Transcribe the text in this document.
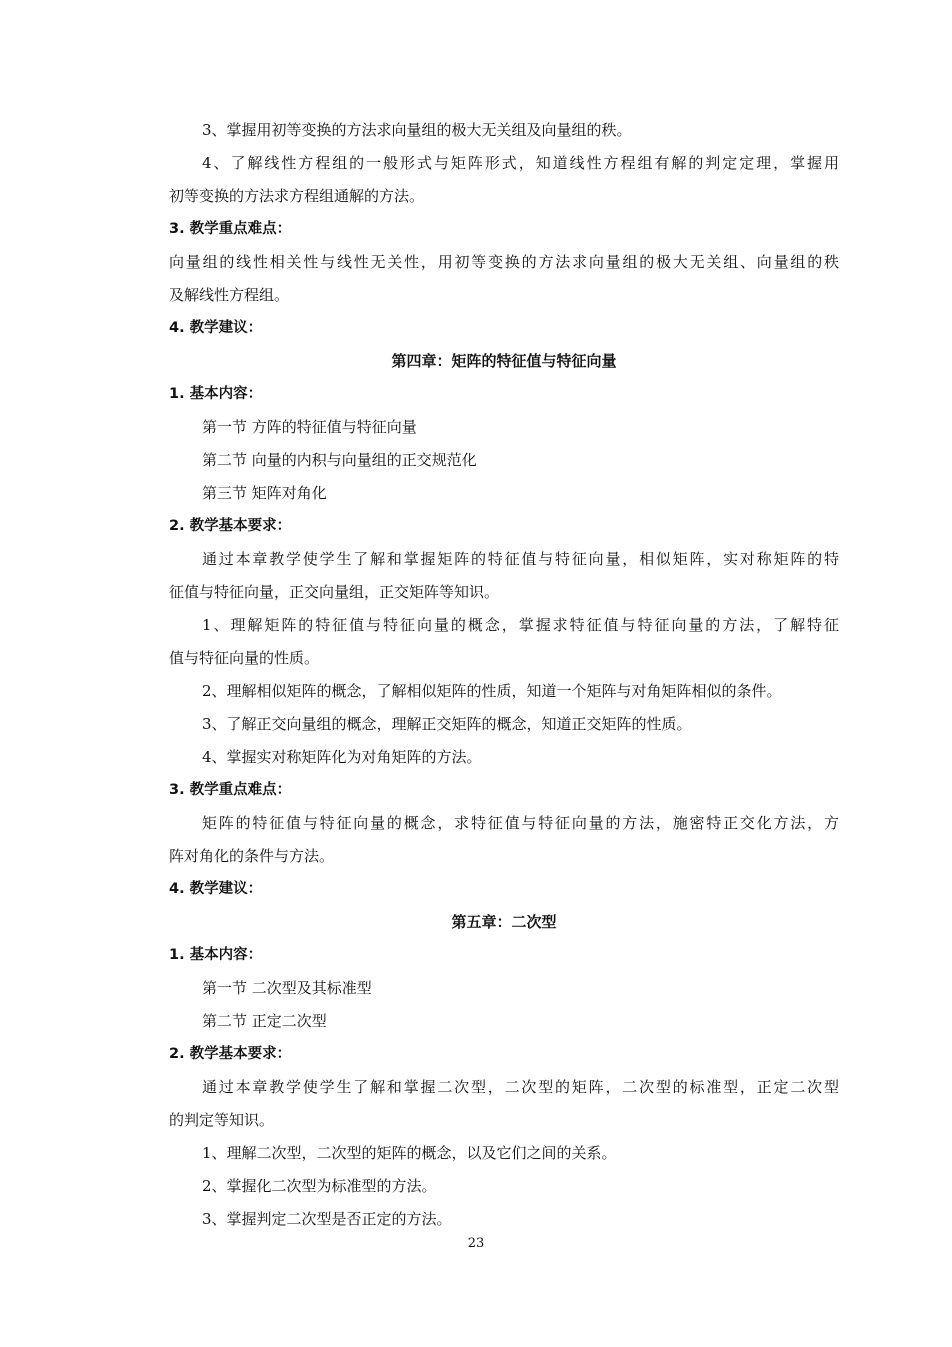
3、掌握用初等变换的方法求向量组的极大无关组及向量组的秩。
4、了解线性方程组的一般形式与矩阵形式，知道线性方程组有解的判定定理，掌握用
初等变换的方法求方程组通解的方法。
3. 教学重点难点：
向量组的线性相关性与线性无关性，用初等变换的方法求向量组的极大无关组、向量组的秩
及解线性方程组。
4. 教学建议：
第四章：矩阵的特征值与特征向量
1. 基本内容：
第一节 方阵的特征值与特征向量
第二节 向量的内积与向量组的正交规范化
第三节 矩阵对角化
2. 教学基本要求：
通过本章教学使学生了解和掌握矩阵的特征值与特征向量，相似矩阵，实对称矩阵的特
征值与特征向量，正交向量组，正交矩阵等知识。
1、理解矩阵的特征值与特征向量的概念，掌握求特征值与特征向量的方法，了解特征
值与特征向量的性质。
2、理解相似矩阵的概念，了解相似矩阵的性质，知道一个矩阵与对角矩阵相似的条件。
3、了解正交向量组的概念，理解正交矩阵的概念，知道正交矩阵的性质。
4、掌握实对称矩阵化为对角矩阵的方法。
3. 教学重点难点：
矩阵的特征值与特征向量的概念，求特征值与特征向量的方法，施密特正交化方法，方
阵对角化的条件与方法。
4. 教学建议：
第五章：二次型
1. 基本内容：
第一节 二次型及其标准型
第二节 正定二次型
2. 教学基本要求：
通过本章教学使学生了解和掌握二次型，二次型的矩阵，二次型的标准型，正定二次型
的判定等知识。
1、理解二次型，二次型的矩阵的概念，以及它们之间的关系。
2、掌握化二次型为标准型的方法。
3、掌握判定二次型是否正定的方法。
23
